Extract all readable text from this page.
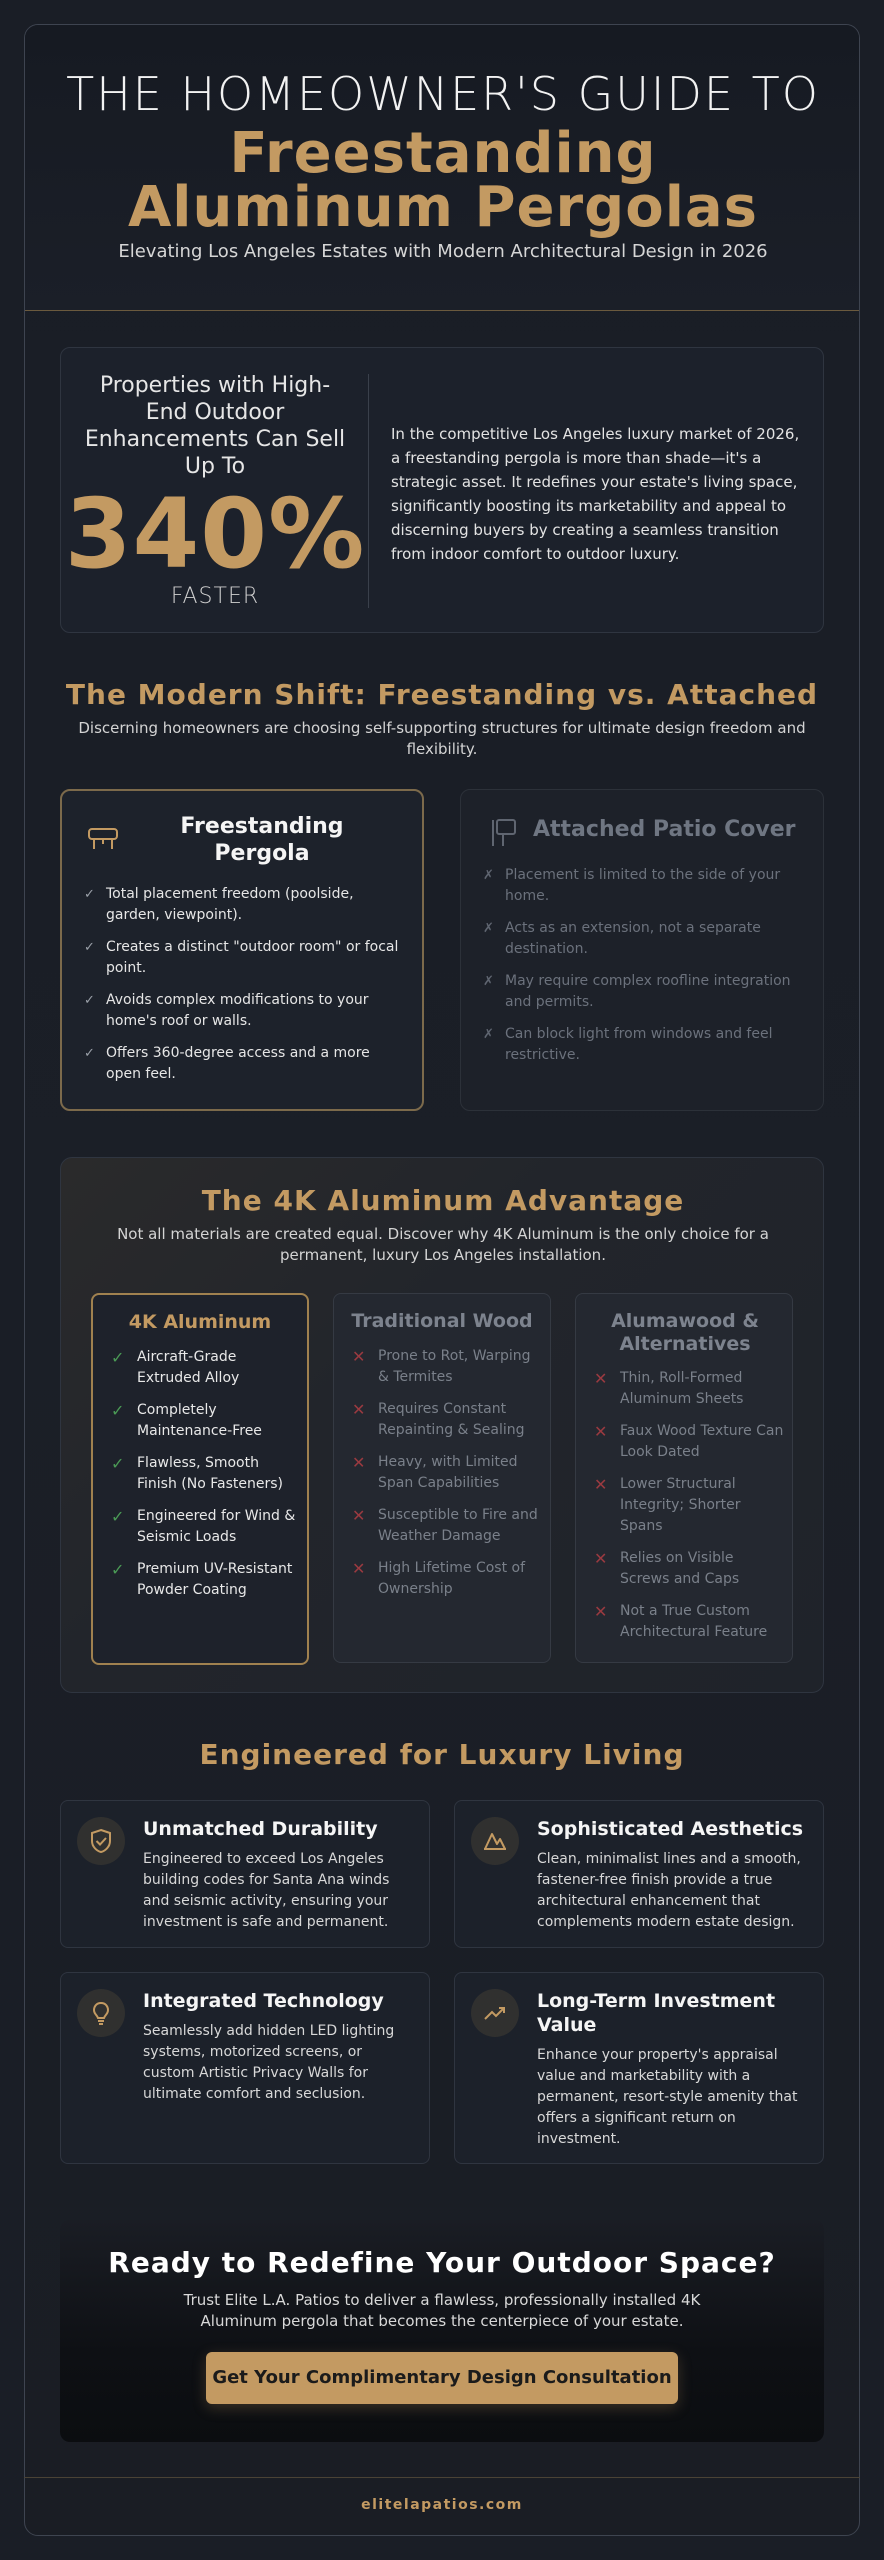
THE HOMEOWNER'S GUIDE TO
Freestanding
Aluminum Pergolas
Elevating Los Angeles Estates with Modern Architectural Design in 2026
Properties with High-End Outdoor Enhancements Can Sell Up To
340%
FASTER
In the competitive Los Angeles luxury market of 2026, a freestanding pergola is more than shade—it's a strategic asset. It redefines your estate's living space, significantly boosting its marketability and appeal to discerning buyers by creating a seamless transition from indoor comfort to outdoor luxury.
The Modern Shift: Freestanding vs. Attached
Discerning homeowners are choosing self-supporting structures for ultimate design freedom and flexibility.
Freestanding Pergola
✓ Total placement freedom (poolside, garden, viewpoint).
✓ Creates a distinct "outdoor room" or focal point.
✓ Avoids complex modifications to your home's roof or walls.
✓ Offers 360-degree access and a more open feel.
Attached Patio Cover
✗ Placement is limited to the side of your home.
✗ Acts as an extension, not a separate destination.
✗ May require complex roofline integration and permits.
✗ Can block light from windows and feel restrictive.
The 4K Aluminum Advantage
Not all materials are created equal. Discover why 4K Aluminum is the only choice for a permanent, luxury Los Angeles installation.
4K Aluminum
✓ Aircraft-Grade Extruded Alloy
✓ Completely Maintenance-Free
✓ Flawless, Smooth Finish (No Fasteners)
✓ Engineered for Wind & Seismic Loads
✓ Premium UV-Resistant Powder Coating
Traditional Wood
✕ Prone to Rot, Warping & Termites
✕ Requires Constant Repainting & Sealing
✕ Heavy, with Limited Span Capabilities
✕ Susceptible to Fire and Weather Damage
✕ High Lifetime Cost of Ownership
Alumawood & Alternatives
✕ Thin, Roll-Formed Aluminum Sheets
✕ Faux Wood Texture Can Look Dated
✕ Lower Structural Integrity; Shorter Spans
✕ Relies on Visible Screws and Caps
✕ Not a True Custom Architectural Feature
Engineered for Luxury Living
Unmatched Durability
Engineered to exceed Los Angeles building codes for Santa Ana winds and seismic activity, ensuring your investment is safe and permanent.
Sophisticated Aesthetics
Clean, minimalist lines and a smooth, fastener-free finish provide a true architectural enhancement that complements modern estate design.
Integrated Technology
Seamlessly add hidden LED lighting systems, motorized screens, or custom Artistic Privacy Walls for ultimate comfort and seclusion.
Long-Term Investment Value
Enhance your property's appraisal value and marketability with a permanent, resort-style amenity that offers a significant return on investment.
Ready to Redefine Your Outdoor Space?
Trust Elite L.A. Patios to deliver a flawless, professionally installed 4K Aluminum pergola that becomes the centerpiece of your estate.
Get Your Complimentary Design Consultation
elitelapatios.com
